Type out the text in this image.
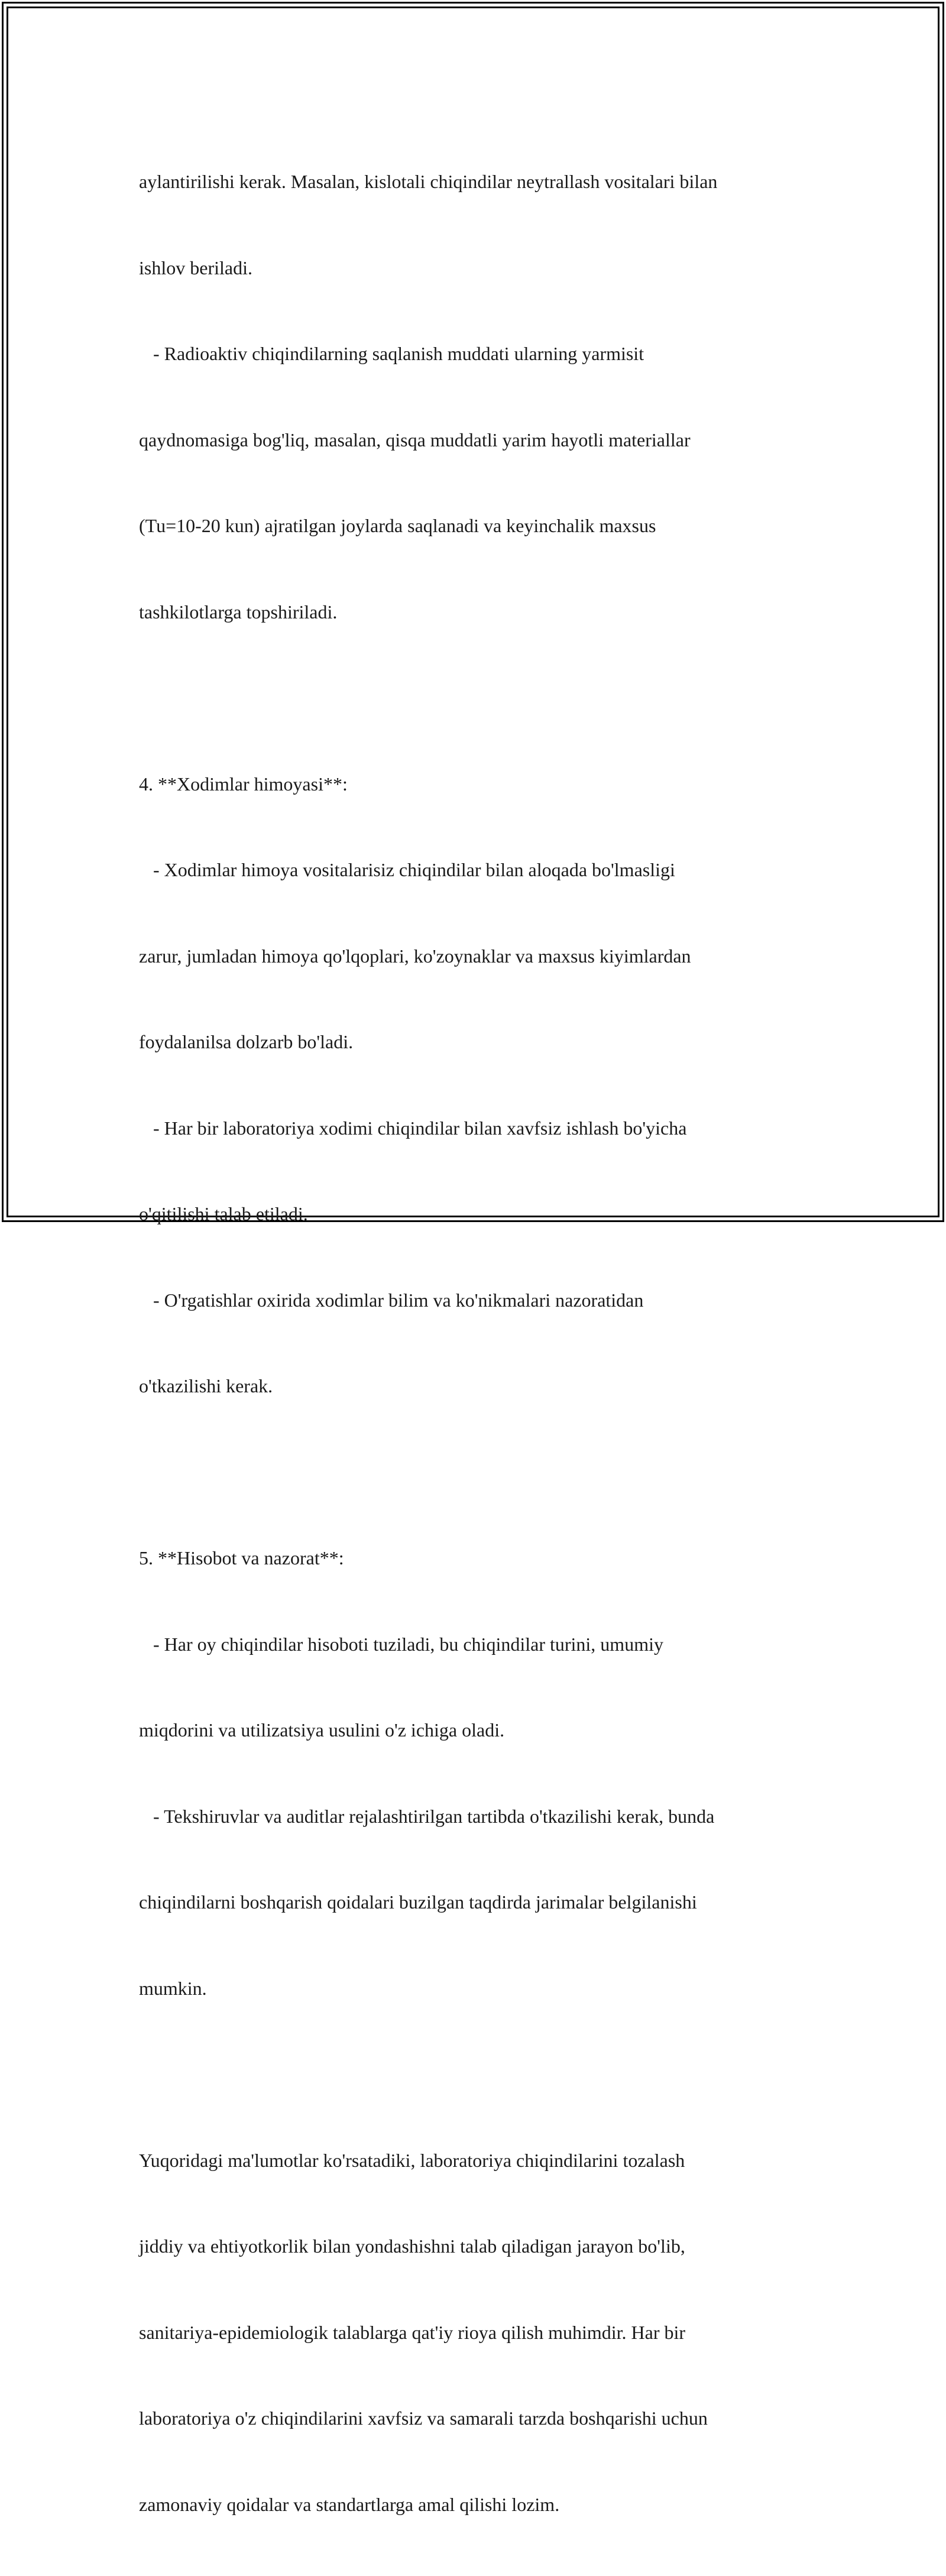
aylantirilishi kerak. Masalan, kislotali chiqindilar neytrallash vositalari bilan

ishlov beriladi.

- Radioaktiv chiqindilarning saqlanish muddati ularning yarmisit

qaydnomasiga bog'liq, masalan, qisqa muddatli yarim hayotli materiallar

(Tu=10-20 kun) ajratilgan joylarda saqlanadi va keyinchalik maxsus

tashkilotlarga topshiriladi.

4. **Xodimlar himoyasi**:

- Xodimlar himoya vositalarisiz chiqindilar bilan aloqada bo'lmasligi

zarur, jumladan himoya qo'lqoplari, ko'zoynaklar va maxsus kiyimlardan

foydalanilsa dolzarb bo'ladi.

- Har bir laboratoriya xodimi chiqindilar bilan xavfsiz ishlash bo'yicha

o'qitilishi talab etiladi.

- O'rgatishlar oxirida xodimlar bilim va ko'nikmalari nazoratidan

o'tkazilishi kerak.

5. **Hisobot va nazorat**:

- Har oy chiqindilar hisoboti tuziladi, bu chiqindilar turini, umumiy

miqdorini va utilizatsiya usulini o'z ichiga oladi.

- Tekshiruvlar va auditlar rejalashtirilgan tartibda o'tkazilishi kerak, bunda

chiqindilarni boshqarish qoidalari buzilgan taqdirda jarimalar belgilanishi

mumkin.

Yuqoridagi ma'lumotlar ko'rsatadiki, laboratoriya chiqindilarini tozalash

jiddiy va ehtiyotkorlik bilan yondashishni talab qiladigan jarayon bo'lib,

sanitariya-epidemiologik talablarga qat'iy rioya qilish muhimdir. Har bir

laboratoriya o'z chiqindilarini xavfsiz va samarali tarzda boshqarishi uchun

zamonaviy qoidalar va standartlarga amal qilishi lozim.
